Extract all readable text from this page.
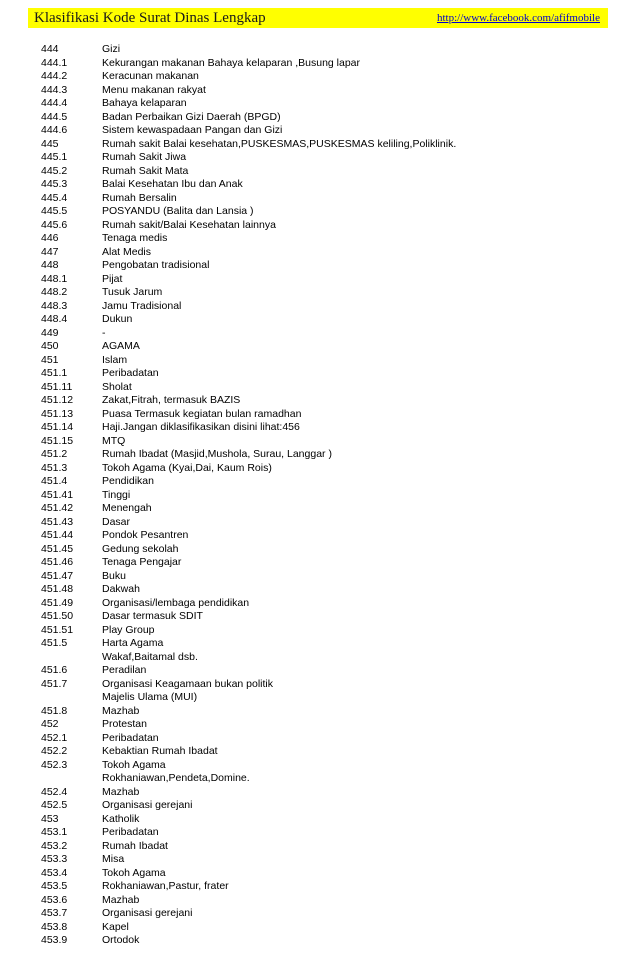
Klasifikasi Kode Surat Dinas Lengkap	http://www.facebook.com/afifmobile
444	Gizi
444.1	Kekurangan makanan Bahaya kelaparan ,Busung lapar
444.2	Keracunan makanan
444.3	Menu makanan rakyat
444.4	Bahaya kelaparan
444.5	Badan Perbaikan Gizi Daerah (BPGD)
444.6	Sistem kewaspadaan Pangan dan Gizi
445	Rumah sakit Balai kesehatan,PUSKESMAS,PUSKESMAS keliling,Poliklinik.
445.1	Rumah Sakit Jiwa
445.2	Rumah Sakit Mata
445.3	Balai Kesehatan Ibu dan Anak
445.4	Rumah Bersalin
445.5	POSYANDU (Balita dan Lansia )
445.6	Rumah sakit/Balai Kesehatan lainnya
446	Tenaga medis
447	Alat Medis
448	Pengobatan tradisional
448.1	Pijat
448.2	Tusuk Jarum
448.3	Jamu Tradisional
448.4	Dukun
449	-
450	AGAMA
451	Islam
451.1	Peribadatan
451.11	Sholat
451.12	Zakat,Fitrah, termasuk BAZIS
451.13	Puasa Termasuk kegiatan bulan ramadhan
451.14	Haji.Jangan diklasifikasikan disini lihat:456
451.15	MTQ
451.2	Rumah Ibadat (Masjid,Mushola, Surau, Langgar )
451.3	Tokoh Agama (Kyai,Dai, Kaum Rois)
451.4	Pendidikan
451.41	Tinggi
451.42	Menengah
451.43	Dasar
451.44	Pondok Pesantren
451.45	Gedung sekolah
451.46	Tenaga Pengajar
451.47	Buku
451.48	Dakwah
451.49	Organisasi/lembaga pendidikan
451.50	Dasar termasuk SDIT
451.51	Play Group
451.5	Harta Agama
Wakaf,Baitamal dsb.
451.6	Peradilan
451.7	Organisasi Keagamaan bukan politik
Majelis Ulama (MUI)
451.8	Mazhab
452	Protestan
452.1	Peribadatan
452.2	Kebaktian Rumah Ibadat
452.3	Tokoh Agama
Rokhaniawan,Pendeta,Domine.
452.4	Mazhab
452.5	Organisasi gerejani
453	Katholik
453.1	Peribadatan
453.2	Rumah Ibadat
453.3	Misa
453.4	Tokoh Agama
453.5	Rokhaniawan,Pastur, frater
453.6	Mazhab
453.7	Organisasi gerejani
453.8	Kapel
453.9	Ortodok
